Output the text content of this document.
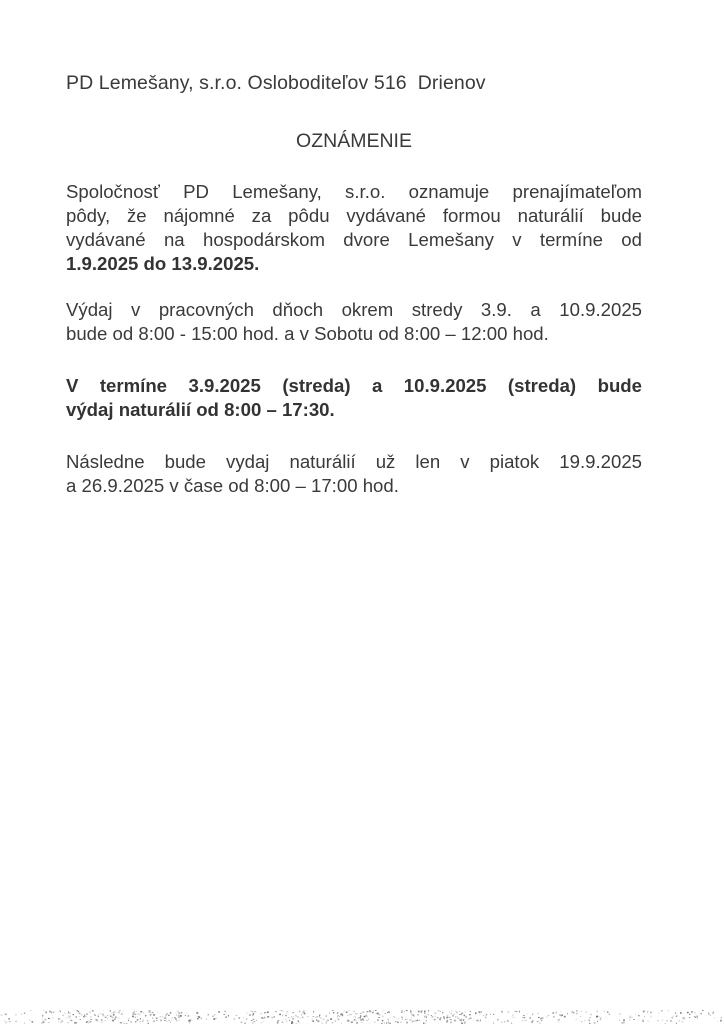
PD Lemešany, s.r.o. Osloboditeľov 516  Drienov
OZNÁMENIE
Spoločnosť PD Lemešany, s.r.o. oznamuje prenajímateľom
pôdy, že nájomné za pôdu vydávané formou naturálií bude
vydávané na hospodárskom dvore Lemešany v termíne od
1.9.2025 do 13.9.2025.
Výdaj v pracovných dňoch okrem stredy 3.9. a 10.9.2025
bude od 8:00 - 15:00 hod. a v Sobotu od 8:00 – 12:00 hod.
V termíne 3.9.2025 (streda) a 10.9.2025 (streda) bude
výdaj naturálií od 8:00 – 17:30.
Následne bude vydaj naturálií už len v piatok 19.9.2025
a 26.9.2025 v čase od 8:00 – 17:00 hod.
